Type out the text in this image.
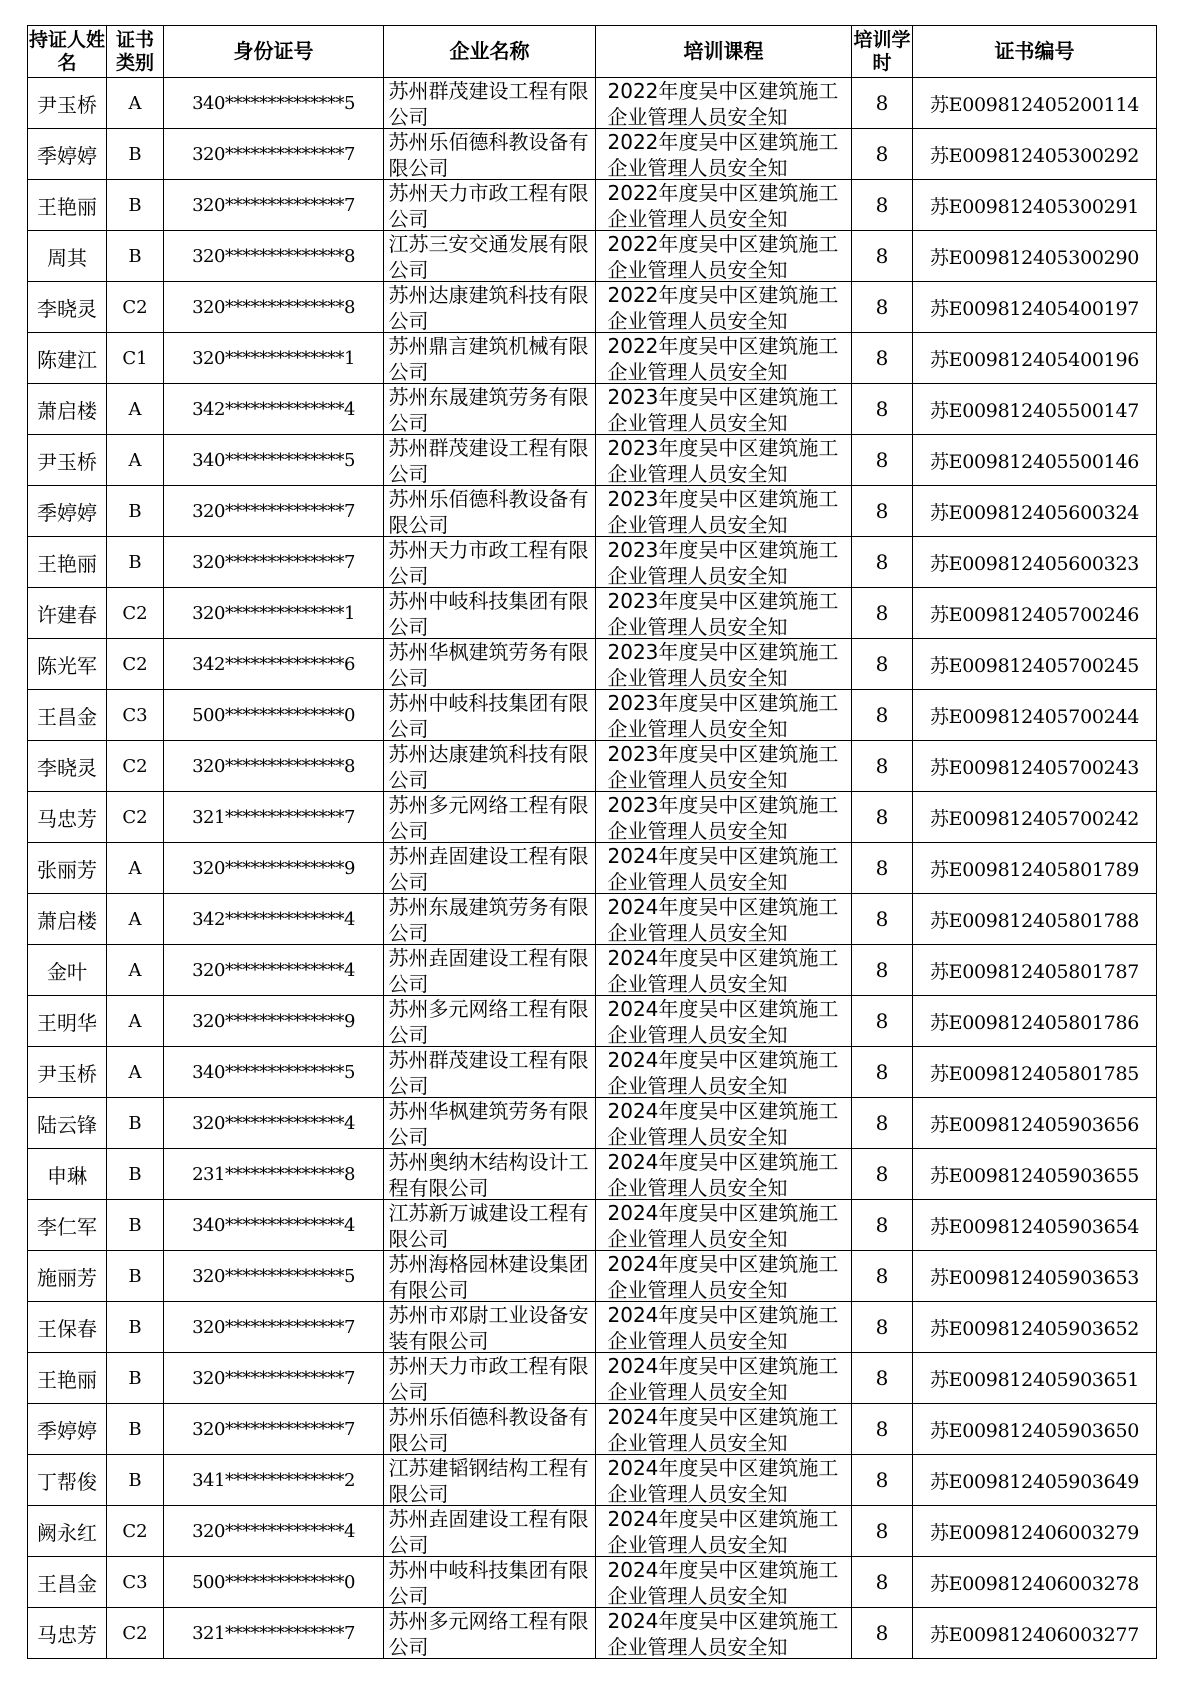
持证人姓名	证书类别	身份证号	企业名称	培训课程	培训学时	证书编号
尹玉桥	A	340**************5	苏州群茂建设工程有限公司	2022年度吴中区建筑施工企业管理人员安全知	8	苏E009812405200114
季婷婷	B	320**************7	苏州乐佰德科教设备有限公司	2022年度吴中区建筑施工企业管理人员安全知	8	苏E009812405300292
王艳丽	B	320**************7	苏州天力市政工程有限公司	2022年度吴中区建筑施工企业管理人员安全知	8	苏E009812405300291
周其	B	320**************8	江苏三安交通发展有限公司	2022年度吴中区建筑施工企业管理人员安全知	8	苏E009812405300290
李晓灵	C2	320**************8	苏州达康建筑科技有限公司	2022年度吴中区建筑施工企业管理人员安全知	8	苏E009812405400197
陈建江	C1	320**************1	苏州鼎言建筑机械有限公司	2022年度吴中区建筑施工企业管理人员安全知	8	苏E009812405400196
萧启楼	A	342**************4	苏州东晟建筑劳务有限公司	2023年度吴中区建筑施工企业管理人员安全知	8	苏E009812405500147
尹玉桥	A	340**************5	苏州群茂建设工程有限公司	2023年度吴中区建筑施工企业管理人员安全知	8	苏E009812405500146
季婷婷	B	320**************7	苏州乐佰德科教设备有限公司	2023年度吴中区建筑施工企业管理人员安全知	8	苏E009812405600324
王艳丽	B	320**************7	苏州天力市政工程有限公司	2023年度吴中区建筑施工企业管理人员安全知	8	苏E009812405600323
许建春	C2	320**************1	苏州中岐科技集团有限公司	2023年度吴中区建筑施工企业管理人员安全知	8	苏E009812405700246
陈光军	C2	342**************6	苏州华枫建筑劳务有限公司	2023年度吴中区建筑施工企业管理人员安全知	8	苏E009812405700245
王昌金	C3	500**************0	苏州中岐科技集团有限公司	2023年度吴中区建筑施工企业管理人员安全知	8	苏E009812405700244
李晓灵	C2	320**************8	苏州达康建筑科技有限公司	2023年度吴中区建筑施工企业管理人员安全知	8	苏E009812405700243
马忠芳	C2	321**************7	苏州多元网络工程有限公司	2023年度吴中区建筑施工企业管理人员安全知	8	苏E009812405700242
张丽芳	A	320**************9	苏州垚固建设工程有限公司	2024年度吴中区建筑施工企业管理人员安全知	8	苏E009812405801789
萧启楼	A	342**************4	苏州东晟建筑劳务有限公司	2024年度吴中区建筑施工企业管理人员安全知	8	苏E009812405801788
金叶	A	320**************4	苏州垚固建设工程有限公司	2024年度吴中区建筑施工企业管理人员安全知	8	苏E009812405801787
王明华	A	320**************9	苏州多元网络工程有限公司	2024年度吴中区建筑施工企业管理人员安全知	8	苏E009812405801786
尹玉桥	A	340**************5	苏州群茂建设工程有限公司	2024年度吴中区建筑施工企业管理人员安全知	8	苏E009812405801785
陆云锋	B	320**************4	苏州华枫建筑劳务有限公司	2024年度吴中区建筑施工企业管理人员安全知	8	苏E009812405903656
申琳	B	231**************8	苏州奥纳木结构设计工程有限公司	2024年度吴中区建筑施工企业管理人员安全知	8	苏E009812405903655
李仁军	B	340**************4	江苏新万诚建设工程有限公司	2024年度吴中区建筑施工企业管理人员安全知	8	苏E009812405903654
施丽芳	B	320**************5	苏州海格园林建设集团有限公司	2024年度吴中区建筑施工企业管理人员安全知	8	苏E009812405903653
王保春	B	320**************7	苏州市邓尉工业设备安装有限公司	2024年度吴中区建筑施工企业管理人员安全知	8	苏E009812405903652
王艳丽	B	320**************7	苏州天力市政工程有限公司	2024年度吴中区建筑施工企业管理人员安全知	8	苏E009812405903651
季婷婷	B	320**************7	苏州乐佰德科教设备有限公司	2024年度吴中区建筑施工企业管理人员安全知	8	苏E009812405903650
丁帮俊	B	341**************2	江苏建韬钢结构工程有限公司	2024年度吴中区建筑施工企业管理人员安全知	8	苏E009812405903649
阙永红	C2	320**************4	苏州垚固建设工程有限公司	2024年度吴中区建筑施工企业管理人员安全知	8	苏E009812406003279
王昌金	C3	500**************0	苏州中岐科技集团有限公司	2024年度吴中区建筑施工企业管理人员安全知	8	苏E009812406003278
马忠芳	C2	321**************7	苏州多元网络工程有限公司	2024年度吴中区建筑施工企业管理人员安全知	8	苏E009812406003277
